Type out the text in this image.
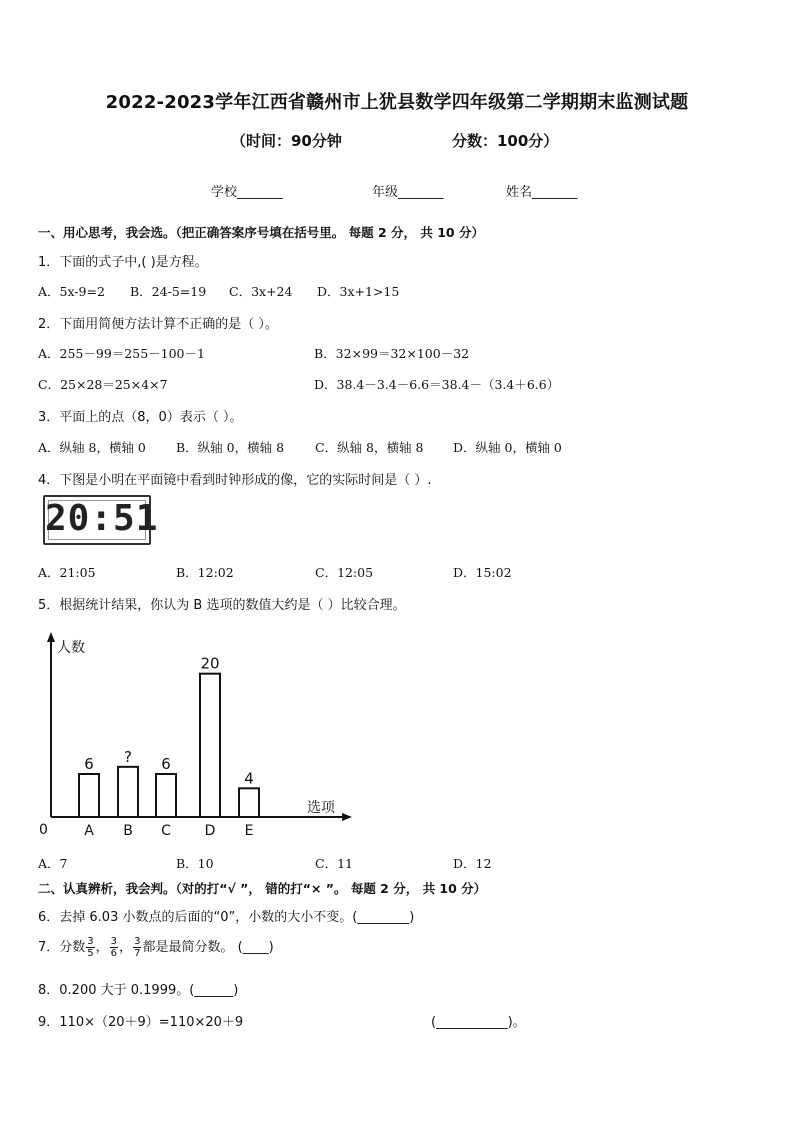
2022-2023学年江西省赣州市上犹县数学四年级第二学期期末监测试题
（时间：90分钟	分数：100分）
学校_______	年级_______	姓名_______
一、用心思考，我会选。（把正确答案序号填在括号里。 每题 2 分， 共 10 分）
1．下面的式子中,( )是方程。
A．5x-9=2 B．24-5=19 C．3x+24 D．3x+1>15
2．下面用简便方法计算不正确的是（ ）。
A．255－99＝255－100－1	B．32×99＝32×100－32
C．25×28＝25×4×7	D．38.4－3.4－6.6＝38.4－（3.4＋6.6）
3．平面上的点（8，0）表示（ ）。
A．纵轴 8，横轴 0 B．纵轴 0，横轴 8 C．纵轴 8，横轴 8 D．纵轴 0，横轴 0
4．下图是小明在平面镜中看到时钟形成的像，它的实际时间是（ ）.
20:51
A．21:05	B．12:02	C．12:05	D．15:02
5．根据统计结果，你认为 B 选项的数值大约是（ ）比较合理。
人数
选项
0
6
A
?
B
6
C
20
D
4
E
A．7	B．10	C．11	D．12
二、认真辨析，我会判。（对的打“√ ”， 错的打“× ”。 每题 2 分， 共 10 分）
6．去掉 6.03 小数点的后面的“0”，小数的大小不变。(________)
7．分数 $\frac{3}{5}$ ， $\frac{3}{6}$ ， $\frac{3}{7}$ 都是最简分数。 (____)
8．0.200 大于 0.1999。(______)
9．110×（20＋9）=110×20＋9	(___________)。
